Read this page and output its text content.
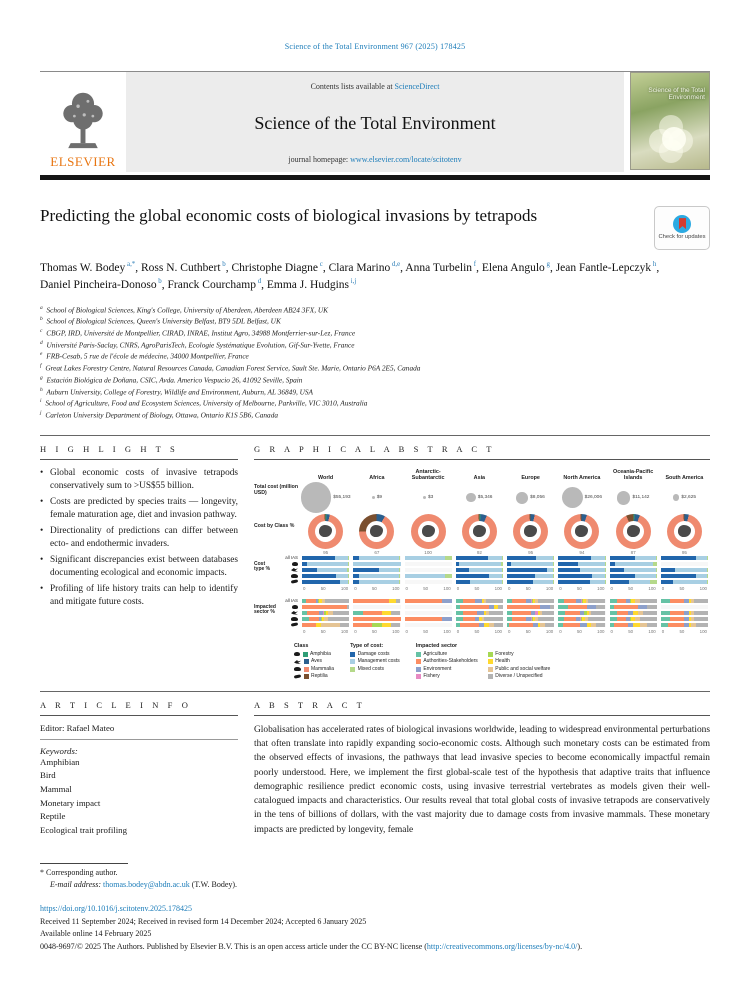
Science of the Total Environment 967 (2025) 178425
ELSEVIER
Contents lists available at ScienceDirect
Science of the Total Environment
journal homepage: www.elsevier.com/locate/scitotenv
Science of the Total Environment
Predicting the global economic costs of biological invasions by tetrapods
Check for updates

Thomas W. Bodey $^{a,*}$, Ross N. Cuthbert $^b$, Christophe Diagne $^c$, Clara Marino $^{d,e}$, Anna Turbelin $^f$, Elena Angulo $^g$, Jean Fantle-Lepczyk $^h$, Daniel Pincheira-Donoso $^b$, Franck Courchamp $^d$, Emma J. Hudgins $^{i,j}$

$^a$ School of Biological Sciences, King's College, University of Aberdeen, Aberdeen AB24 3FX, UK
$^b$ School of Biological Sciences, Queen's University Belfast, BT9 5DL Belfast, UK
$^c$ CBGP, IRD, Université de Montpellier, CIRAD, INRAE, Institut Agro, 34988 Montferrier-sur-Lez, France
$^d$ Université Paris-Saclay, CNRS, AgroParisTech, Ecologie Systématique Evolution, Gif-Sur-Yvette, France
$^e$ FRB-Cesab, 5 rue de l'école de médecine, 34000 Montpellier, France
$^f$ Great Lakes Forestry Centre, Natural Resources Canada, Canadian Forest Service, Sault Ste. Marie, Ontario P6A 2E5, Canada
$^g$ Estación Biológica de Doñana, CSIC, Avda. Americo Vespucio 26, 41092 Seville, Spain
$^h$ Auburn University, College of Forestry, Wildlife and Environment, Auburn, AL 36849, USA
$^i$ School of Agriculture, Food and Ecosystem Sciences, University of Melbourne, Parkville, VIC 3010, Australia
$^j$ Carleton University Department of Biology, Ottawa, Ontario K1S 5B6, Canada
H I G H L I G H T S
• Global economic costs of invasive tetrapods conservatively sum to >US$55 billion.
• Costs are predicted by species traits — longevity, female maturation age, diet and invasion pathway.
• Directionality of predictions can differ between ecto- and endothermic invaders.
• Significant discrepancies exist between databases documenting ecological and economic impacts.
• Profiling of life history traits can help to identify and mitigate future costs.
G R A P H I C A L A B S T R A C T
Total cost (million USD)
World
$55,193
Africa
$9
Antarctic-Subantarctic
$3
Asia
$5,346
Europe
$8,056
North America
$26,006
Oceania-Pacific Islands
$11,142
South America
$2,625
Cost by Class %
95	67	100	92	95	94	87	95
Cost type %
all IAS
0	50	100 0	50	100 0	50	100 0	50	100 0	50	100 0	50	100 0	50	100 0	50	100
Impacted sector %
all IAS
0	50	100 0	50	100 0	50	100 0	50	100 0	50	100 0	50	100 0	50	100 0	50	100
Class
Amphibia
Aves
Mammalia
Reptilia
Type of cost:
Damage costs
Management costs
Mixed costs
Impacted sector
Agriculture
Authorities-Stakeholders
Environment
Fishery
Forestry
Health
Public and social welfare
Diverse / Unspecified
A R T I C L E I N F O
Editor: Rafael Mateo
Keywords:
Amphibian
Bird
Mammal
Monetary impact
Reptile
Ecological trait profiling
A B S T R A C T

Globalisation has accelerated rates of biological invasions worldwide, leading to widespread environmental perturbations that often translate into rapidly expanding socio-economic costs. Although such monetary costs can be estimated from the observed effects of invasions, the pathways that lead invasive species to become economically impactful remain poorly understood. Here, we implement the first global-scale test of the hypothesis that adaptive traits that influence demographic resilience predict economic costs, using invasive terrestrial vertebrates as models given their well-catalogued impacts and characteristics. Our results reveal that total global costs of invasive tetrapods are conservatively in the tens of billions of dollars, with the vast majority due to damage costs from invasive mammals. These monetary impacts are predicted by longevity, female

* Corresponding author.
E-mail address: thomas.bodey@abdn.ac.uk (T.W. Bodey).
https://doi.org/10.1016/j.scitotenv.2025.178425
Received 11 September 2024; Received in revised form 14 December 2024; Accepted 6 January 2025
Available online 14 February 2025
0048-9697/© 2025 The Authors. Published by Elsevier B.V. This is an open access article under the CC BY-NC license (http://creativecommons.org/licenses/by-nc/4.0/).
